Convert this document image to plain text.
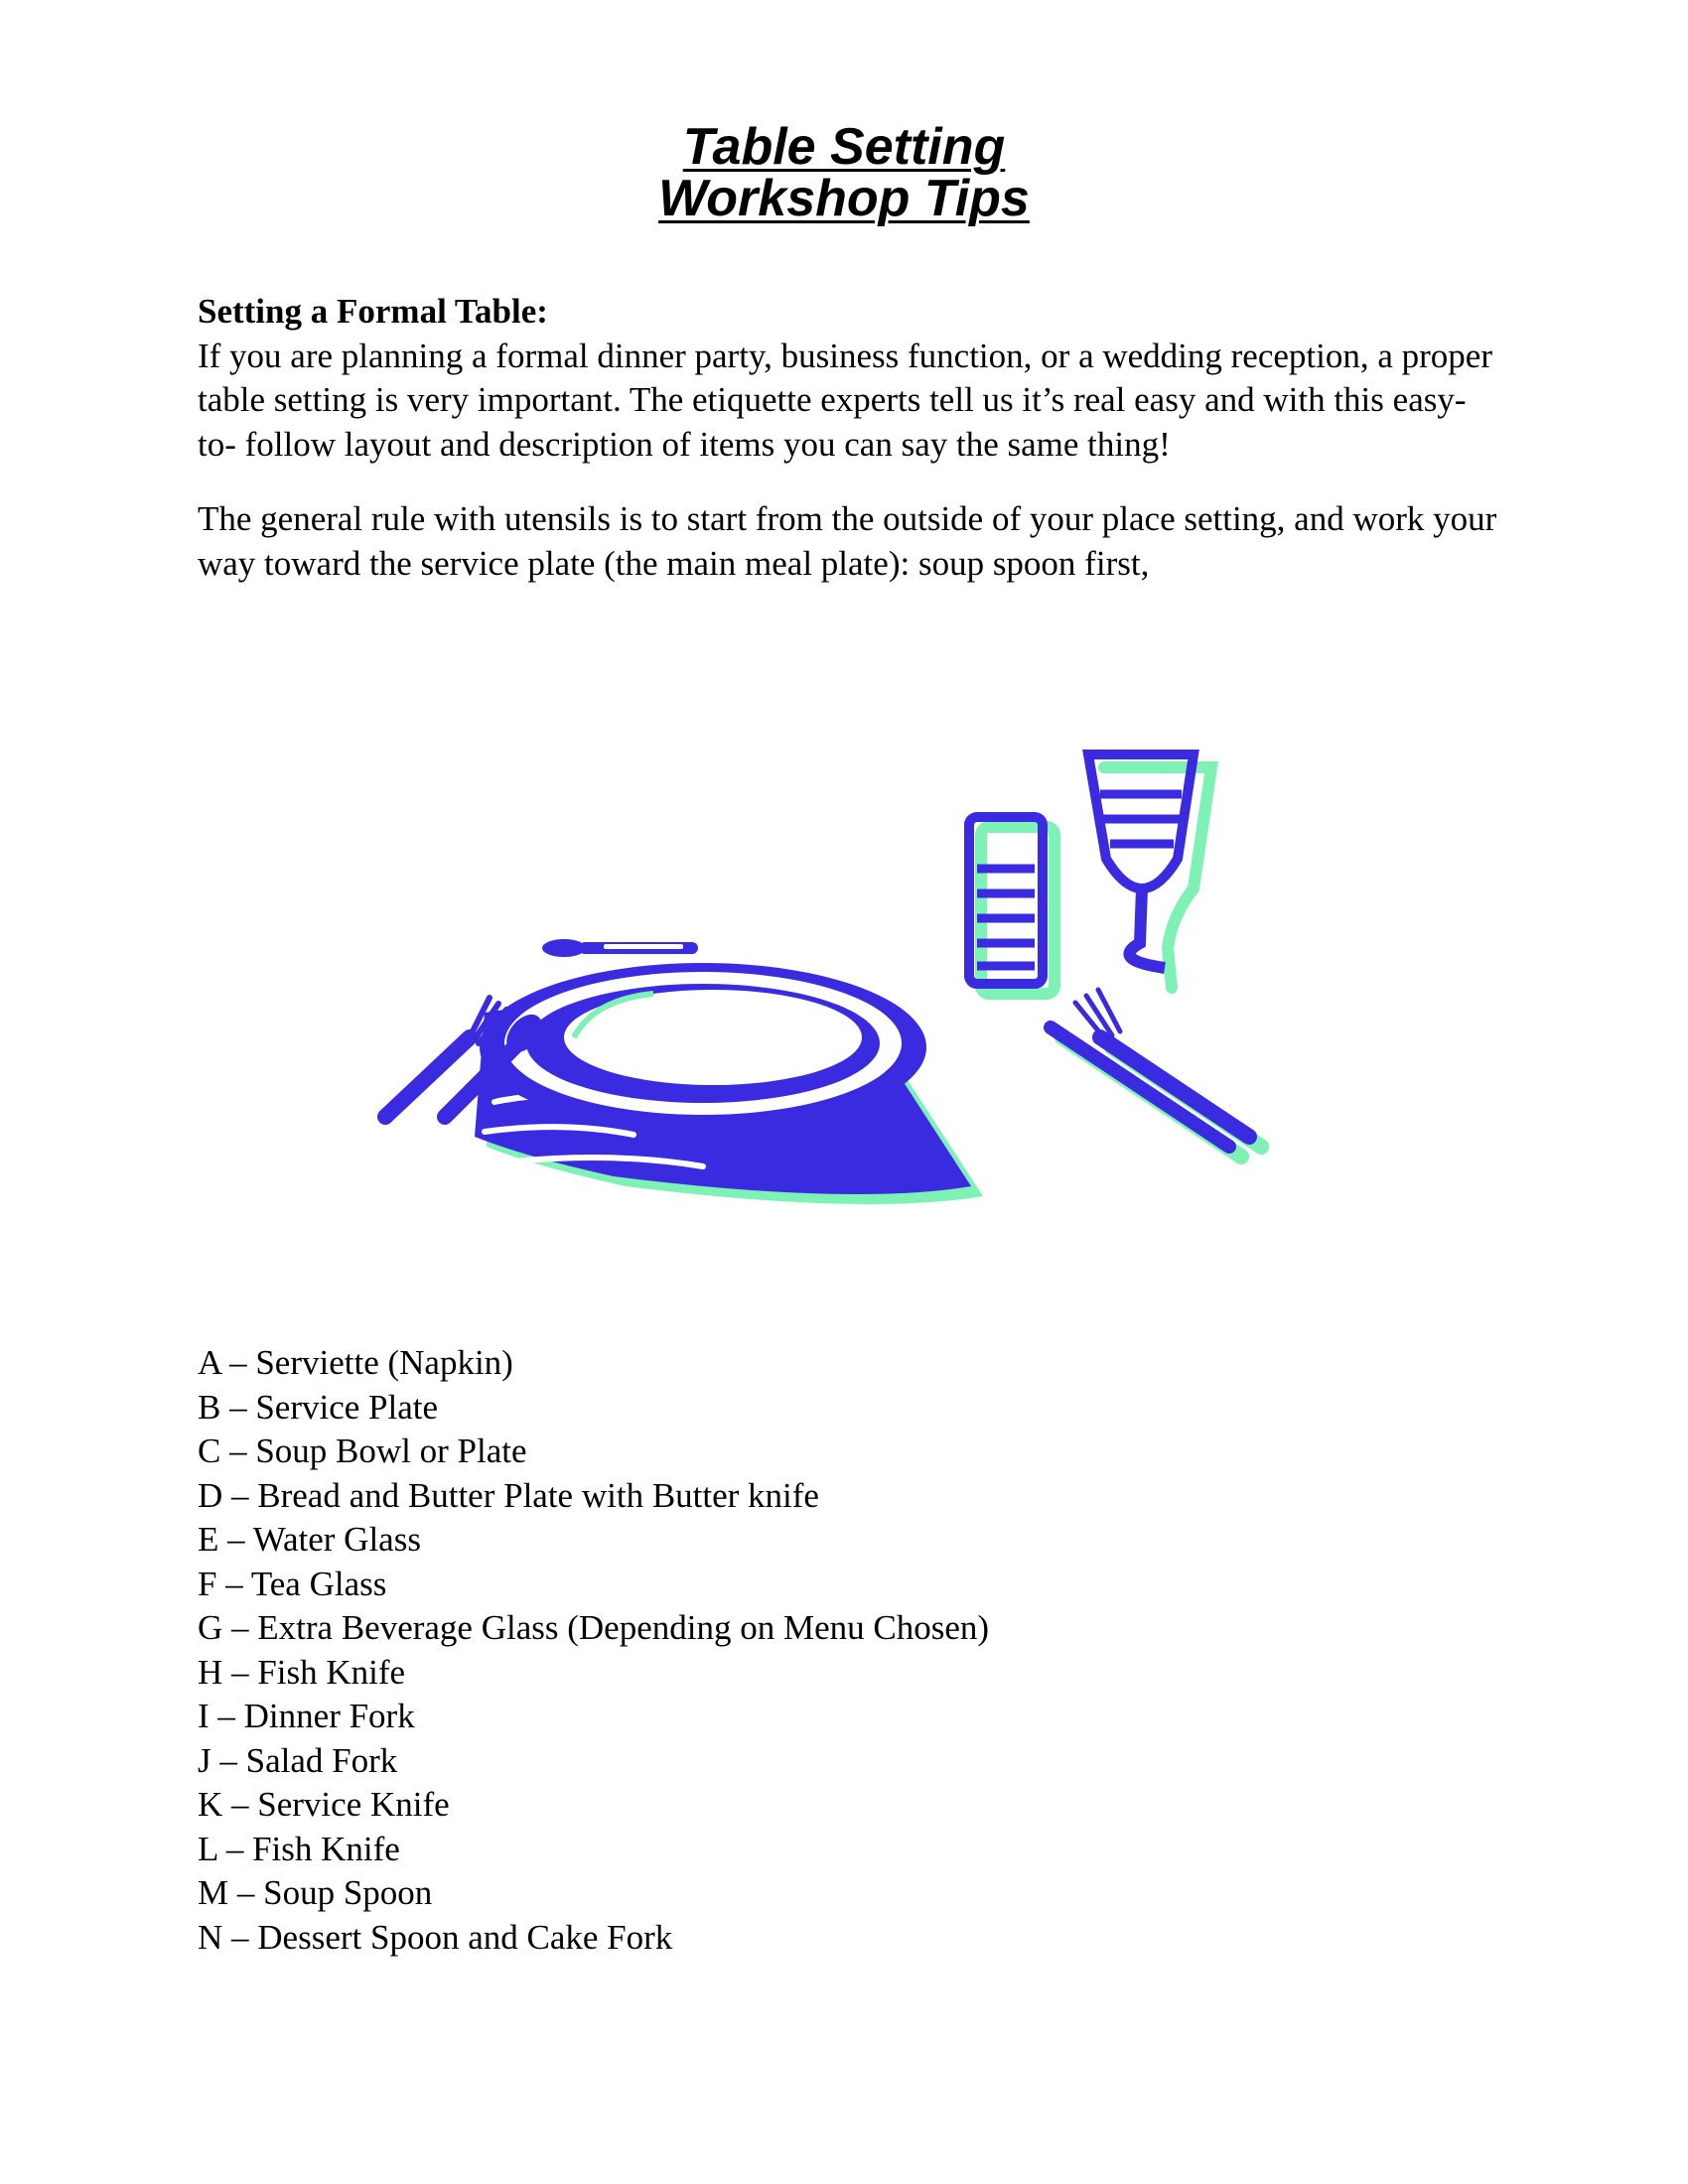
Table Setting
Workshop Tips

Setting a Formal Table:

If you are planning a formal dinner party, business function, or a wedding reception, a proper table setting is very important. The etiquette experts tell us it’s real easy and with this easy-to- follow layout and description of items you can say the same thing!

The general rule with utensils is to start from the outside of your place setting, and work your way toward the service plate (the main meal plate): soup spoon first,

A – Serviette (Napkin)
B – Service Plate
C – Soup Bowl or Plate
D – Bread and Butter Plate with Butter knife
E – Water Glass
F – Tea Glass
G – Extra Beverage Glass (Depending on Menu Chosen)
H – Fish Knife
I – Dinner Fork
J – Salad Fork
K – Service Knife
L – Fish Knife
M – Soup Spoon
N – Dessert Spoon and Cake Fork
